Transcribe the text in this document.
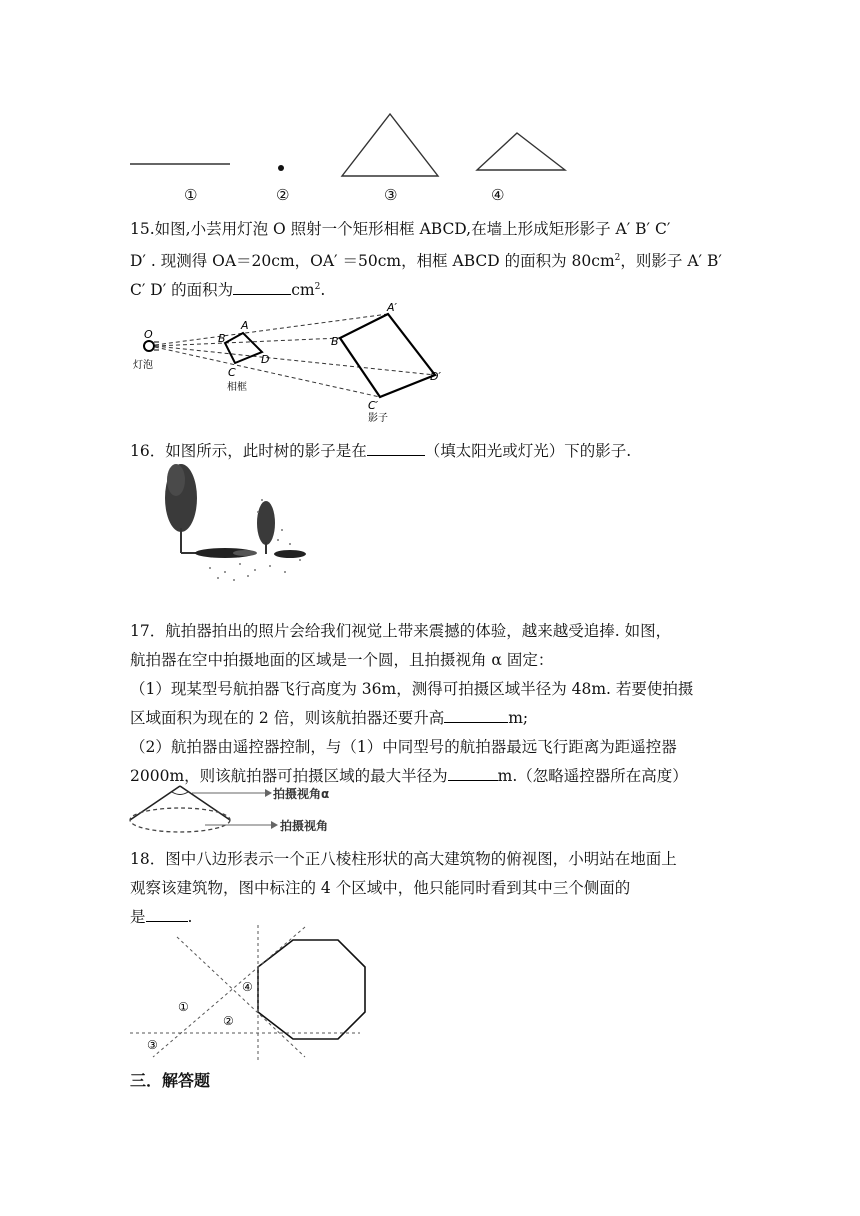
①	②	③	④
15.如图,小芸用灯泡 O 照射一个矩形相框 ABCD,在墙上形成矩形影子 A′ B′ C′
D′ . 现测得 OA＝20cm，OA′ ＝50cm，相框 ABCD 的面积为 $80cm^2$，则影子 A′ B′
C′ D′ 的面积为	$cm^2$.
O
A
B
C
D
A′
B′
C′
D′
灯泡
相框
影子
16．如图所示，此时树的影子是在	（填太阳光或灯光）下的影子.
17．航拍器拍出的照片会给我们视觉上带来震撼的体验，越来越受追捧. 如图，
航拍器在空中拍摄地面的区域是一个圆，且拍摄视角 α 固定：
（1）现某型号航拍器飞行高度为 36m，测得可拍摄区域半径为 48m. 若要使拍摄
区域面积为现在的 2 倍，则该航拍器还要升高	m;
（2）航拍器由遥控器控制，与（1）中同型号的航拍器最远飞行距离为距遥控器
2000m，则该航拍器可拍摄区域的最大半径为	m.（忽略遥控器所在高度）
拍摄视角α
拍摄视角
18．图中八边形表示一个正八棱柱形状的高大建筑物的俯视图，小明站在地面上
观察该建筑物，图中标注的 4 个区域中，他只能同时看到其中三个侧面的
是	.
①
②
③
④
三．解答题
